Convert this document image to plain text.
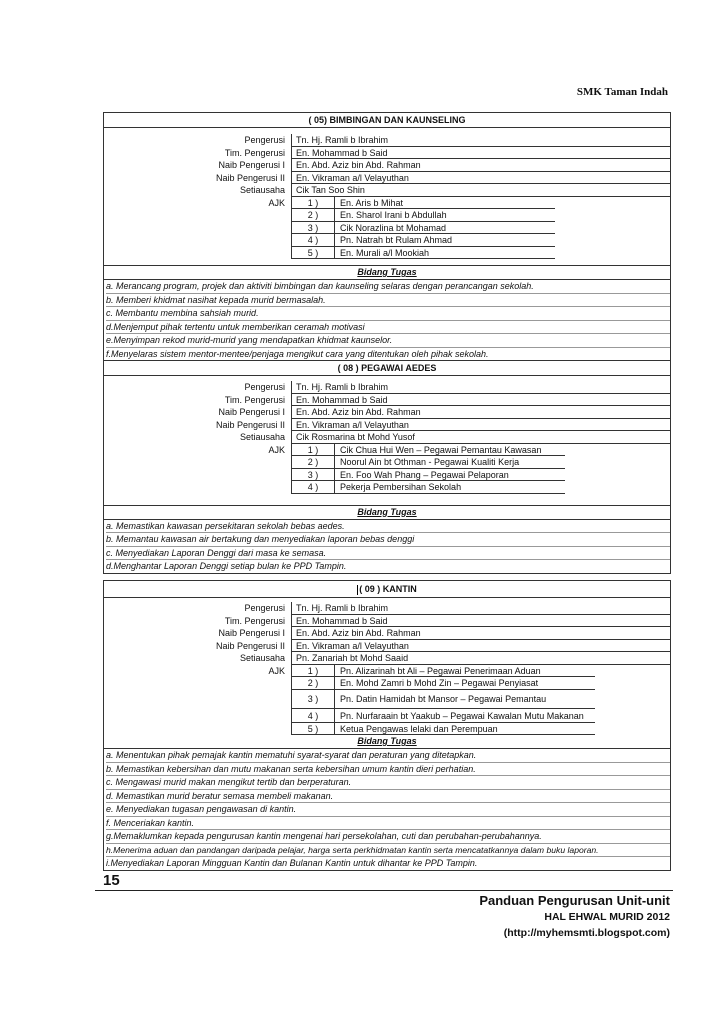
SMK Taman Indah
( 05) BIMBINGAN DAN KAUNSELING
Pengerusi	Tn. Hj. Ramli b Ibrahim
Tim. Pengerusi	En. Mohammad b Said
Naib Pengerusi I	En. Abd. Aziz bin Abd. Rahman
Naib Pengerusi II	En. Vikraman a/l Velayuthan
Setiausaha	Cik Tan Soo Shin
AJK	1 )	En. Aris b Mihat
2 )	En. Sharol Irani b Abdullah
3 )	Cik Norazlina bt Mohamad
4 )	Pn. Natrah bt Rulam Ahmad
5 )	En. Murali a/l Mookiah
Bidang Tugas
a. Merancang program, projek dan aktiviti bimbingan dan kaunseling selaras dengan perancangan sekolah.
b. Memberi khidmat nasihat kepada murid bermasalah.
c. Membantu membina sahsiah murid.
d.Menjemput pihak tertentu untuk memberikan ceramah motivasi
e.Menyimpan rekod murid-murid yang mendapatkan khidmat kaunselor.
f.Menyelaras sistem mentor-mentee/penjaga mengikut cara yang ditentukan oleh pihak sekolah.
( 08 ) PEGAWAI AEDES
Pengerusi	Tn. Hj. Ramli b Ibrahim
Tim. Pengerusi	En. Mohammad b Said
Naib Pengerusi I	En. Abd. Aziz bin Abd. Rahman
Naib Pengerusi II	En. Vikraman a/l Velayuthan
Setiausaha	Cik Rosmarina bt Mohd Yusof
AJK	1 )	Cik Chua Hui Wen – Pegawai Pemantau Kawasan
2 )	Noorul Ain bt Othman - Pegawai Kualiti Kerja
3 )	En. Foo Wah Phang – Pegawai Pelaporan
4 )	Pekerja Pembersihan Sekolah
Bidang Tugas
a. Memastikan kawasan persekitaran sekolah bebas aedes.
b. Memantau kawasan air bertakung dan menyediakan laporan bebas denggi
c. Menyediakan Laporan Denggi dari masa ke semasa.
d.Menghantar Laporan Denggi setiap bulan ke PPD Tampin.
( 09 ) KANTIN
Pengerusi	Tn. Hj. Ramli b Ibrahim
Tim. Pengerusi	En. Mohammad b Said
Naib Pengerusi I	En. Abd. Aziz bin Abd. Rahman
Naib Pengerusi II	En. Vikraman a/l Velayuthan
Setiausaha	Pn. Zanariah bt Mohd Saaid
AJK	1 )	Pn. Alizarinah bt Ali – Pegawai Penerimaan Aduan
2 )	En. Mohd Zamri b Mohd Zin – Pegawai Penyiasat
3 )	Pn. Datin Hamidah bt Mansor – Pegawai Pemantau
4 )	Pn. Nurfaraain bt Yaakub – Pegawai Kawalan Mutu Makanan
5 )	Ketua Pengawas lelaki dan Perempuan
Bidang Tugas
a. Menentukan pihak pemajak kantin mematuhi syarat-syarat dan peraturan yang ditetapkan.
b. Memastikan kebersihan dan mutu makanan serta kebersihan umum kantin dieri perhatian.
c. Mengawasi murid makan mengikut tertib dan berperaturan.
d. Memastikan murid beratur semasa membeli makanan.
e. Menyediakan tugasan pengawasan di kantin.
f. Menceriakan kantin.
g.Memaklumkan kepada pengurusan kantin mengenai hari persekolahan, cuti dan perubahan-perubahannya.
h.Menerima aduan dan pandangan daripada pelajar, harga serta perkhidmatan kantin serta mencatatkannya dalam buku laporan.
i.Menyediakan Laporan Mingguan Kantin dan Bulanan Kantin untuk dihantar ke PPD Tampin.
15
Panduan Pengurusan Unit-unit
HAL EHWAL MURID 2012
(http://myhemsmti.blogspot.com)
